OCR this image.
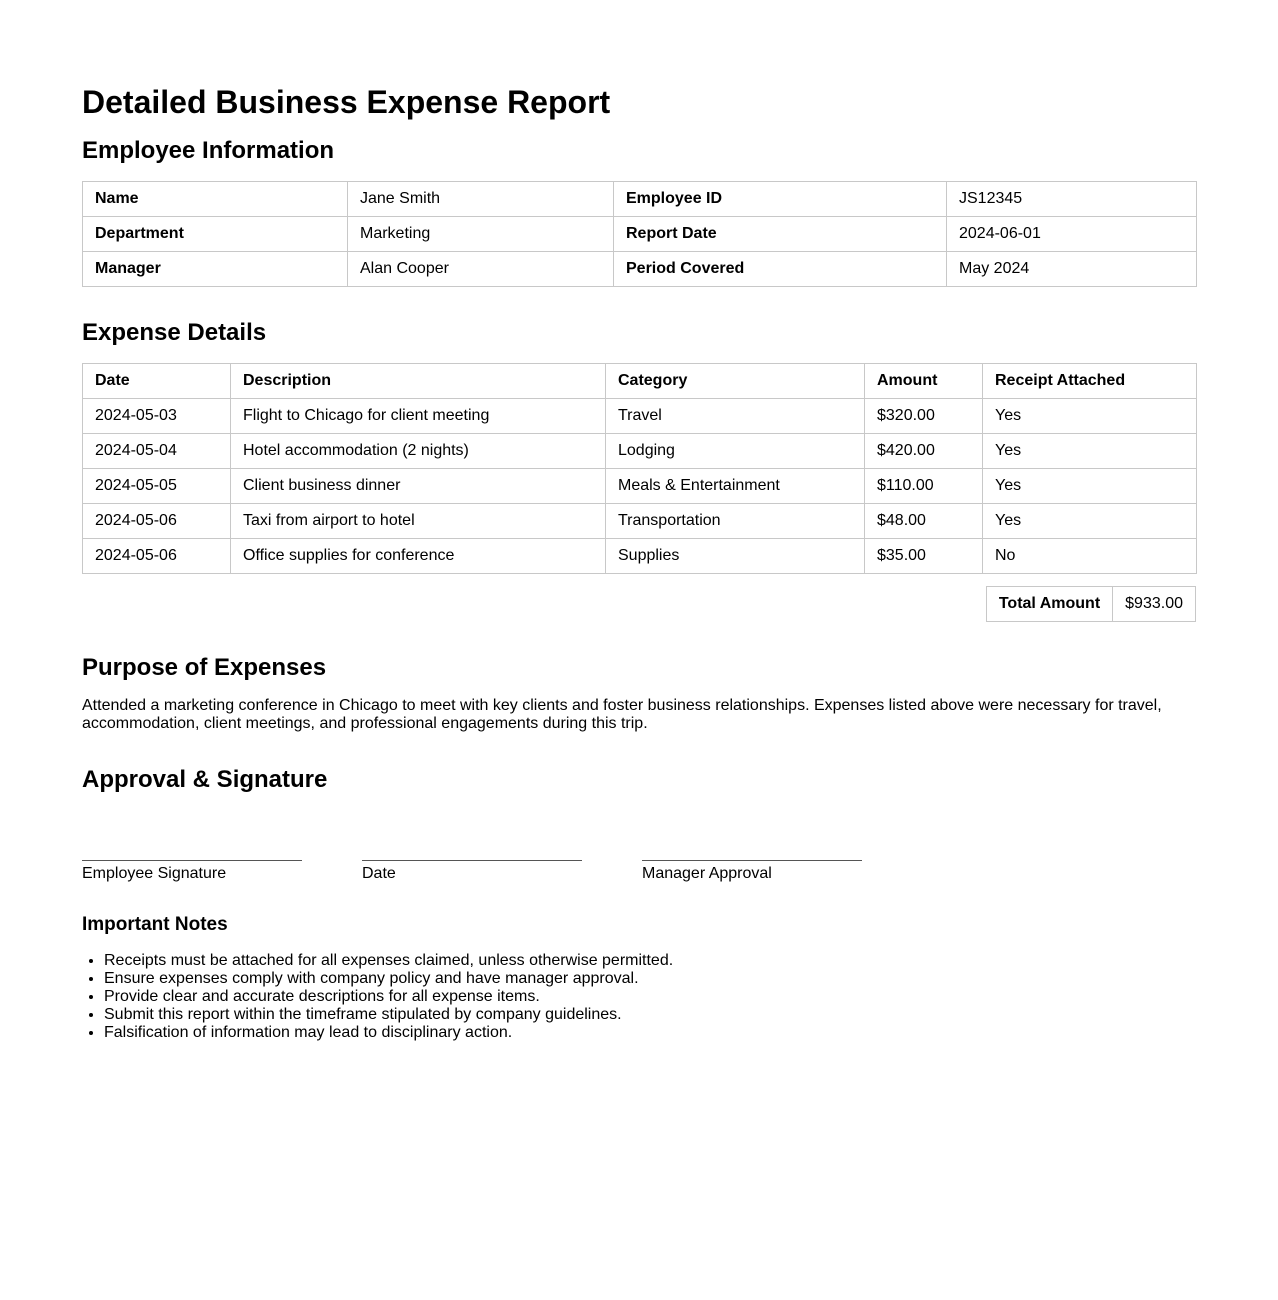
Detailed Business Expense Report
Employee Information
Name	Jane Smith	Employee ID	JS12345
Department	Marketing	Report Date	2024-06-01
Manager	Alan Cooper	Period Covered	May 2024
Expense Details
Date	Description	Category	Amount	Receipt Attached
2024-05-03	Flight to Chicago for client meeting	Travel	$320.00	Yes
2024-05-04	Hotel accommodation (2 nights)	Lodging	$420.00	Yes
2024-05-05	Client business dinner	Meals & Entertainment	$110.00	Yes
2024-05-06	Taxi from airport to hotel	Transportation	$48.00	Yes
2024-05-06	Office supplies for conference	Supplies	$35.00	No
Total Amount	$933.00
Purpose of Expenses

Attended a marketing conference in Chicago to meet with key clients and foster business relationships. Expenses listed above were necessary for travel, accommodation, client meetings, and professional engagements during this trip.

Approval & Signature
Employee Signature	Date	Manager Approval
Important Notes
• Receipts must be attached for all expenses claimed, unless otherwise permitted.
• Ensure expenses comply with company policy and have manager approval.
• Provide clear and accurate descriptions for all expense items.
• Submit this report within the timeframe stipulated by company guidelines.
• Falsification of information may lead to disciplinary action.
